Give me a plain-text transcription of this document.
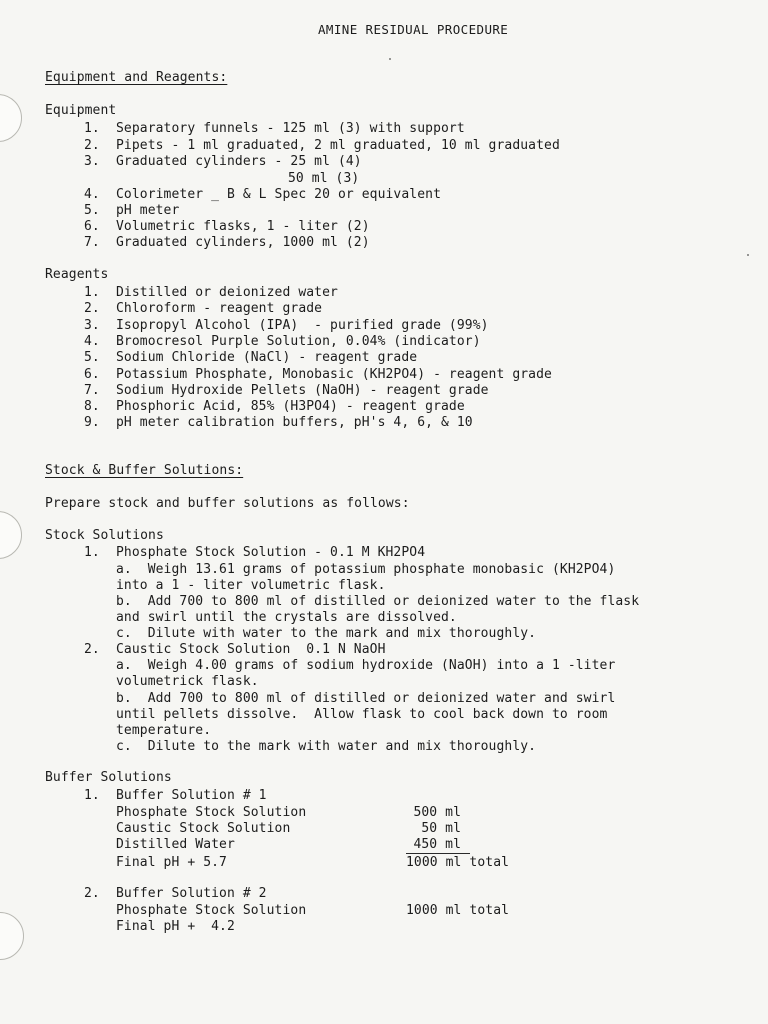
AMINE RESIDUAL PROCEDURE
Equipment and Reagents:
Equipment
1. Separatory funnels - 125 ml (3) with support
2. Pipets - 1 ml graduated, 2 ml graduated, 10 ml graduated
3. Graduated cylinders - 25 ml (4)
50 ml (3)
4. Colorimeter _ B & L Spec 20 or equivalent
5. pH meter
6. Volumetric flasks, 1 - liter (2)
7. Graduated cylinders, 1000 ml (2)
Reagents
1. Distilled or deionized water
2. Chloroform - reagent grade
3. Isopropyl Alcohol (IPA)  - purified grade (99%)
4. Bromocresol Purple Solution, 0.04% (indicator)
5. Sodium Chloride (NaCl) - reagent grade
6. Potassium Phosphate, Monobasic (KH2PO4) - reagent grade
7. Sodium Hydroxide Pellets (NaOH) - reagent grade
8. Phosphoric Acid, 85% (H3PO4) - reagent grade
9. pH meter calibration buffers, pH's 4, 6, & 10
Stock & Buffer Solutions:
Prepare stock and buffer solutions as follows:
Stock Solutions
1. Phosphate Stock Solution - 0.1 M KH2PO4
a.  Weigh 13.61 grams of potassium phosphate monobasic (KH2PO4)
into a 1 - liter volumetric flask.
b.  Add 700 to 800 ml of distilled or deionized water to the flask
and swirl until the crystals are dissolved.
c.  Dilute with water to the mark and mix thoroughly.
2. Caustic Stock Solution  0.1 N NaOH
a.  Weigh 4.00 grams of sodium hydroxide (NaOH) into a 1 -liter
volumetrick flask.
b.  Add 700 to 800 ml of distilled or deionized water and swirl
until pellets dissolve.  Allow flask to cool back down to room
temperature.
c.  Dilute to the mark with water and mix thoroughly.
Buffer Solutions
1. Buffer Solution # 1
Phosphate Stock Solution	500 ml
Caustic Stock Solution	50 ml
Distilled Water	450 ml
Final pH + 5.7	1000 ml total
2. Buffer Solution # 2
Phosphate Stock Solution	1000 ml total
Final pH +  4.2
